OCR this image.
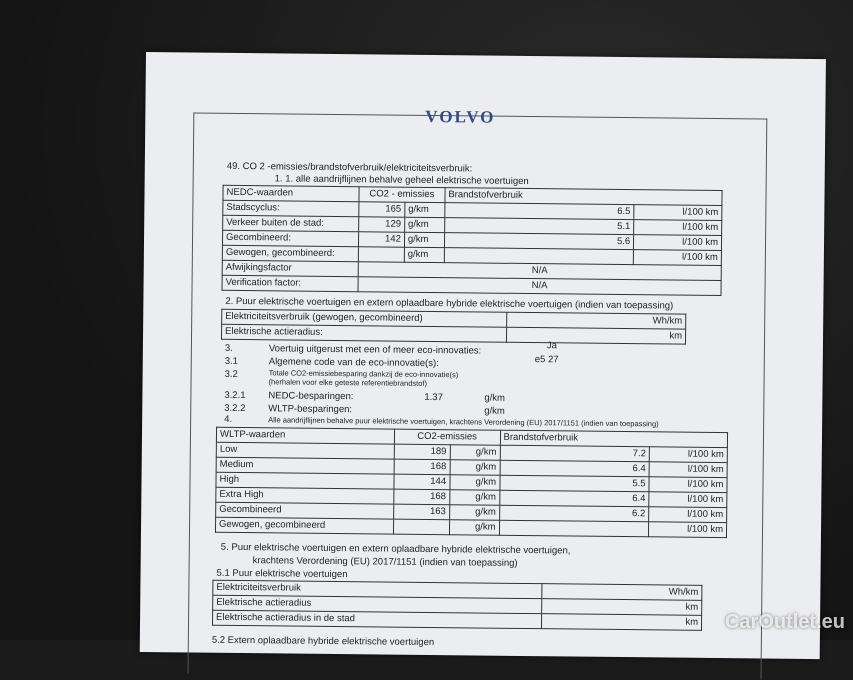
VOLVO
49. CO 2 -emissies/brandstofverbruik/elektriciteitsverbruik:
1. 1. alle aandrijflijnen behalve geheel elektrische voertuigen
NEDC-waarden	CO2 - emissies		Brandstofverbruik	
Stadscyclus:	165	g/km	6.5	l/100 km
Verkeer buiten de stad:	129	g/km	5.1	l/100 km
Gecombineerd:	142	g/km	5.6	l/100 km
Gewogen, gecombineerd:		g/km		l/100 km
Afwijkingsfactor	N/A			
Verification factor:	N/A			
2. Puur elektrische voertuigen en extern oplaadbare hybride elektrische voertuigen (indien van toepassing)
Elektriciteitsverbruik (gewogen, gecombineerd)	Wh/km
Elektrische actieradius:	km
3.	Voertuig uitgerust met een of meer eco-innovaties:	Ja
3.1	Algemene code van de eco-innovatie(s):	e5 27
3.2	Totale CO2-emissiebesparing dankzij de eco-innovatie(s)
(herhalen voor elke geteste referentiebrandstof)
3.2.1 NEDC-besparingen:	1.37	g/km
3.2.2 WLTP-besparingen:	g/km
4.	Alle aandrijflijnen behalve puur elektrische voertuigen, krachtens Verordening (EU) 2017/1151 (indien van toepassing)
WLTP-waarden	CO2-emissies		Brandstofverbruik	
Low	189	g/km	7.2	l/100 km
Medium	168	g/km	6.4	l/100 km
High	144	g/km	5.5	l/100 km
Extra High	168	g/km	6.4	l/100 km
Gecombineerd	163	g/km	6.2	l/100 km
Gewogen, gecombineerd		g/km		l/100 km
5. Puur elektrische voertuigen en extern oplaadbare hybride elektrische voertuigen,
krachtens Verordening (EU) 2017/1151 (indien van toepassing)
5.1 Puur elektrische voertuigen
Elektriciteitsverbruik	Wh/km
Elektrische actieradius	km
Elektrische actieradius in de stad	km
5.2 Extern oplaadbare hybride elektrische voertuigen
CarOutlet.eu
